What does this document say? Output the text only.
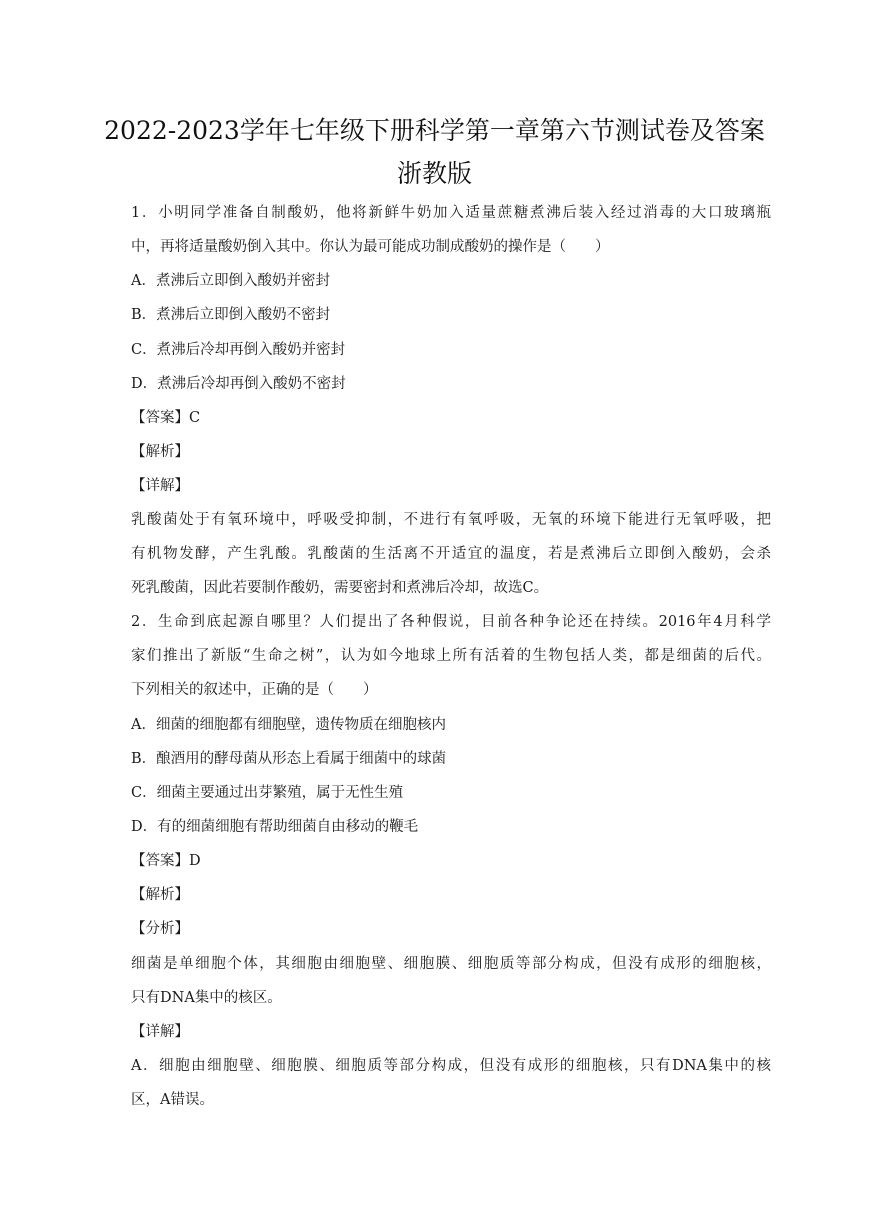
2022-2023学年七年级下册科学第一章第六节测试卷及答案
浙教版
1．小明同学准备自制酸奶，他将新鲜牛奶加入适量蔗糖煮沸后装入经过消毒的大口玻璃瓶
中，再将适量酸奶倒入其中。你认为最可能成功制成酸奶的操作是（　　）
A．煮沸后立即倒入酸奶并密封
B．煮沸后立即倒入酸奶不密封
C．煮沸后冷却再倒入酸奶并密封
D．煮沸后冷却再倒入酸奶不密封
【答案】C
【解析】
【详解】
乳酸菌处于有氧环境中，呼吸受抑制，不进行有氧呼吸，无氧的环境下能进行无氧呼吸，把
有机物发酵，产生乳酸。乳酸菌的生活离不开适宜的温度，若是煮沸后立即倒入酸奶，会杀
死乳酸菌，因此若要制作酸奶，需要密封和煮沸后冷却，故选C。
2．生命到底起源自哪里？人们提出了各种假说，目前各种争论还在持续。2016年4月科学
家们推出了新版“生命之树”，认为如今地球上所有活着的生物包括人类，都是细菌的后代。
下列相关的叙述中，正确的是（　　）
A．细菌的细胞都有细胞壁，遗传物质在细胞核内
B．酿酒用的酵母菌从形态上看属于细菌中的球菌
C．细菌主要通过出芽繁殖，属于无性生殖
D．有的细菌细胞有帮助细菌自由移动的鞭毛
【答案】D
【解析】
【分析】
细菌是单细胞个体，其细胞由细胞壁、细胞膜、细胞质等部分构成，但没有成形的细胞核，
只有DNA集中的核区。
【详解】
A．细胞由细胞壁、细胞膜、细胞质等部分构成，但没有成形的细胞核，只有DNA集中的核
区，A错误。
